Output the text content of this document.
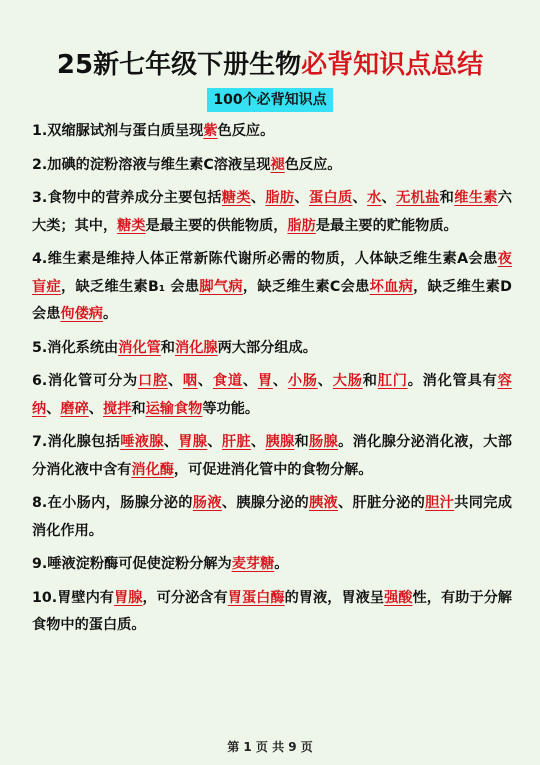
25新七年级下册生物必背知识点总结
100个必背知识点
1.双缩脲试剂与蛋白质呈现紫色反应。
2.加碘的淀粉溶液与维生素C溶液呈现褪色反应。
3.食物中的营养成分主要包括糖类、脂肪、蛋白质、水、无机盐和维生素六大类；其中，糖类是最主要的供能物质，脂肪是最主要的贮能物质。
4.维生素是维持人体正常新陈代谢所必需的物质，人体缺乏维生素A会患夜盲症，缺乏维生素B₁ 会患脚气病，缺乏维生素C会患坏血病，缺乏维生素D会患佝偻病。
5.消化系统由消化管和消化腺两大部分组成。
6.消化管可分为口腔、咽、食道、胃、小肠、大肠和肛门。消化管具有容纳、磨碎、搅拌和运输食物等功能。
7.消化腺包括唾液腺、胃腺、肝脏、胰腺和肠腺。消化腺分泌消化液，大部分消化液中含有消化酶，可促进消化管中的食物分解。
8.在小肠内，肠腺分泌的肠液、胰腺分泌的胰液、肝脏分泌的胆汁共同完成消化作用。
9.唾液淀粉酶可促使淀粉分解为麦芽糖。
10.胃壁内有胃腺，可分泌含有胃蛋白酶的胃液，胃液呈强酸性，有助于分解食物中的蛋白质。
第 1 页 共 9 页
